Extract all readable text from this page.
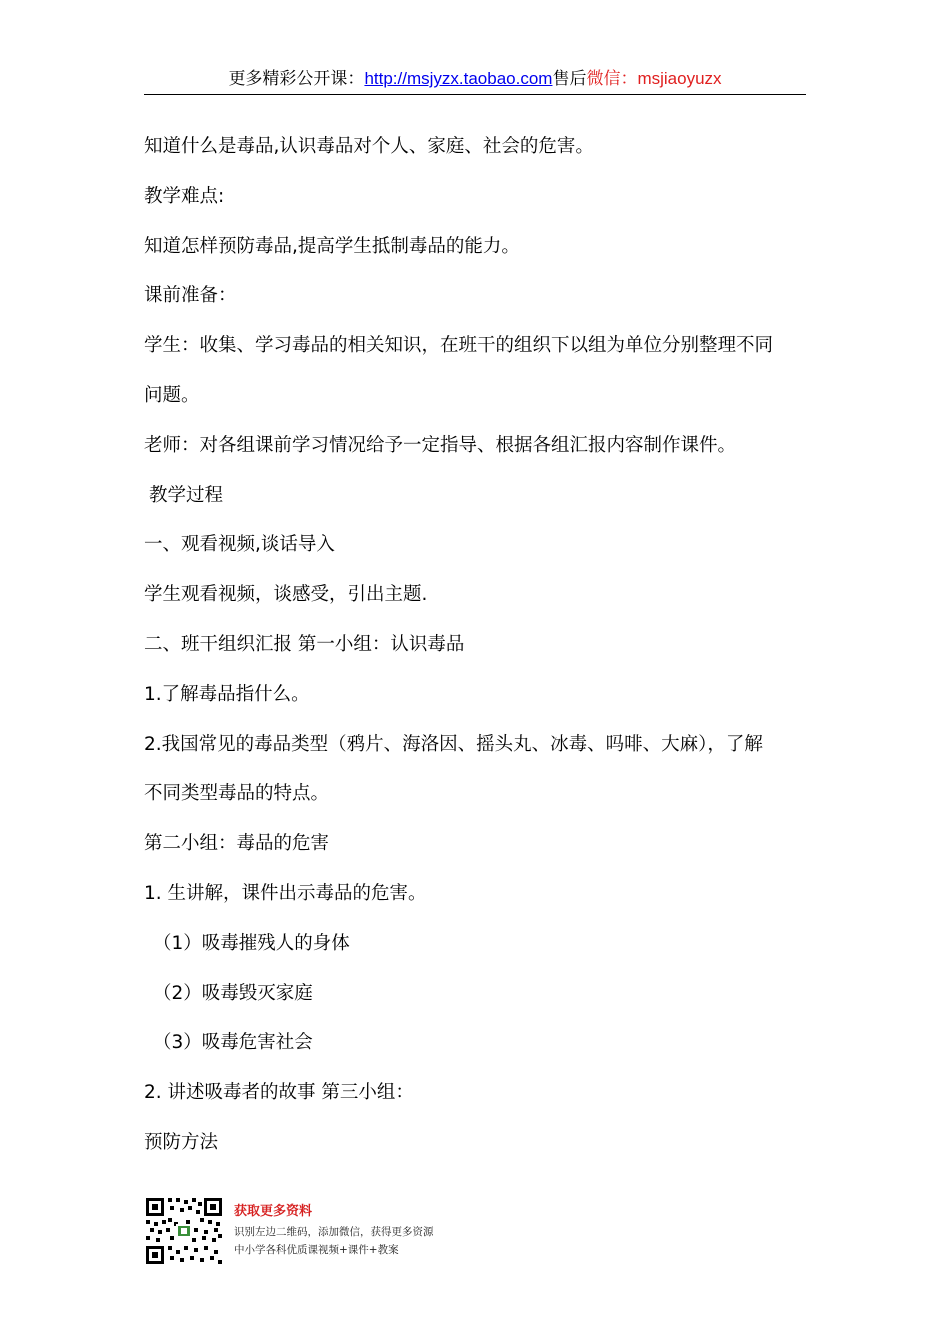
更多精彩公开课：http://msjyzx.taobao.com售后微信：msjiaoyuzx
知道什么是毒品,认识毒品对个人、家庭、社会的危害。
教学难点:
知道怎样预防毒品,提高学生抵制毒品的能力。
课前准备：
学生：收集、学习毒品的相关知识，在班干的组织下以组为单位分别整理不同
问题。
老师：对各组课前学习情况给予一定指导、根据各组汇报内容制作课件。
教学过程
一、观看视频,谈话导入
学生观看视频，谈感受，引出主题.
二、班干组织汇报 第一小组：认识毒品
1.了解毒品指什么。
2.我国常见的毒品类型（鸦片、海洛因、摇头丸、冰毒、吗啡、大麻），了解
不同类型毒品的特点。
第二小组：毒品的危害
1. 生讲解，课件出示毒品的危害。
（1）吸毒摧残人的身体
（2）吸毒毁灭家庭
（3）吸毒危害社会
2. 讲述吸毒者的故事 第三小组：
预防方法
获取更多资料
识别左边二维码，添加微信，获得更多资源
中小学各科优质课视频+课件+教案
